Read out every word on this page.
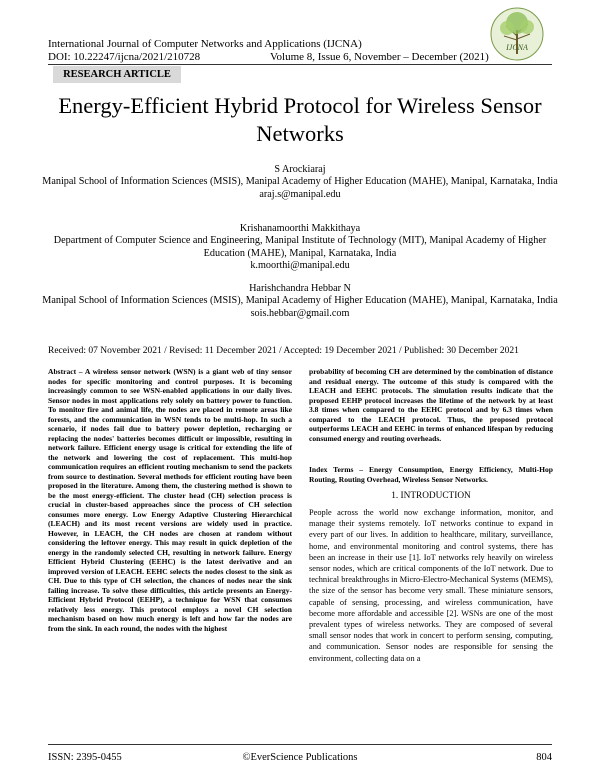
International Journal of Computer Networks and Applications (IJCNA)
DOI: 10.22247/ijcna/2021/210728	Volume 8, Issue 6, November – December (2021)
IJCNA
RESEARCH ARTICLE
Energy-Efficient Hybrid Protocol for Wireless Sensor Networks

S Arockiaraj

Manipal School of Information Sciences (MSIS), Manipal Academy of Higher Education (MAHE), Manipal, Karnataka, India

araj.s@manipal.edu

Krishanamoorthi Makkithaya

Department of Computer Science and Engineering, Manipal Institute of Technology (MIT), Manipal Academy of Higher Education (MAHE), Manipal, Karnataka, India

k.moorthi@manipal.edu

Harishchandra Hebbar N

Manipal School of Information Sciences (MSIS), Manipal Academy of Higher Education (MAHE), Manipal, Karnataka, India

sois.hebbar@gmail.com

Received: 07 November 2021 / Revised: 11 December 2021 / Accepted: 19 December 2021 / Published: 30 December 2021
Abstract – A wireless sensor network (WSN) is a giant web of tiny sensor nodes for specific monitoring and control purposes. It is becoming increasingly common to see WSN-enabled applications in our daily lives. Sensor nodes in most applications rely solely on battery power to function. To monitor fire and animal life, the nodes are placed in remote areas like forests, and the communication in WSN tends to be multi-hop. In such a scenario, if nodes fail due to battery power depletion, recharging or replacing the nodes' batteries becomes difficult or impossible, resulting in network failure. Efficient energy usage is critical for extending the life of the network and lowering the cost of replacement. This multi-hop communication requires an efficient routing mechanism to send the packets from source to destination. Several methods for efficient routing have been proposed in the literature. Among them, the clustering method is shown to be the most energy-efficient. The cluster head (CH) selection process is crucial in cluster-based approaches since the process of CH selection consumes more energy. Low Energy Adaptive Clustering Hierarchical (LEACH) and its most recent versions are widely used in practice. However, in LEACH, the CH nodes are chosen at random without considering the leftover energy. This may result in quick depletion of the energy in the randomly selected CH, resulting in network failure. Energy Efficient Hybrid Clustering (EEHC) is the latest derivative and an improved version of LEACH. EEHC selects the nodes closest to the sink as CH. Due to this type of CH selection, the chances of nodes near the sink failing increase. To solve these difficulties, this article presents an Energy-Efficient Hybrid Protocol (EEHP), a technique for WSN that consumes relatively less energy. This protocol employs a novel CH selection mechanism based on how much energy is left and how far the nodes are from the sink. In each round, the nodes with the highest
probability of becoming CH are determined by the combination of distance and residual energy. The outcome of this study is compared with the LEACH and EEHC protocols. The simulation results indicate that the proposed EEHP protocol increases the lifetime of the network by at least 3.8 times when compared to the EEHC protocol and by 6.3 times when compared to the LEACH protocol. Thus, the proposed protocol outperforms LEACH and EEHC in terms of enhanced lifespan by reducing consumed energy and routing overheads.
Index Terms – Energy Consumption, Energy Efficiency, Multi-Hop Routing, Routing Overhead, Wireless Sensor Networks.
1. INTRODUCTION
People across the world now exchange information, monitor, and manage their systems remotely. IoT networks continue to expand in every part of our lives. In addition to healthcare, military, surveillance, home, and environmental monitoring and control systems, there has been an increase in their use [1]. IoT networks rely heavily on wireless sensor nodes, which are critical components of the IoT network. Due to technical breakthroughs in Micro-Electro-Mechanical Systems (MEMS), the size of the sensor has become very small. These miniature sensors, capable of sensing, processing, and wireless communication, have become more affordable and accessible [2]. WSNs are one of the most prevalent types of wireless networks. They are composed of several small sensor nodes that work in concert to perform sensing, computing, and communication. Sensor nodes are responsible for sensing the environment, collecting data on a
ISSN: 2395-0455	©EverScience Publications	804
